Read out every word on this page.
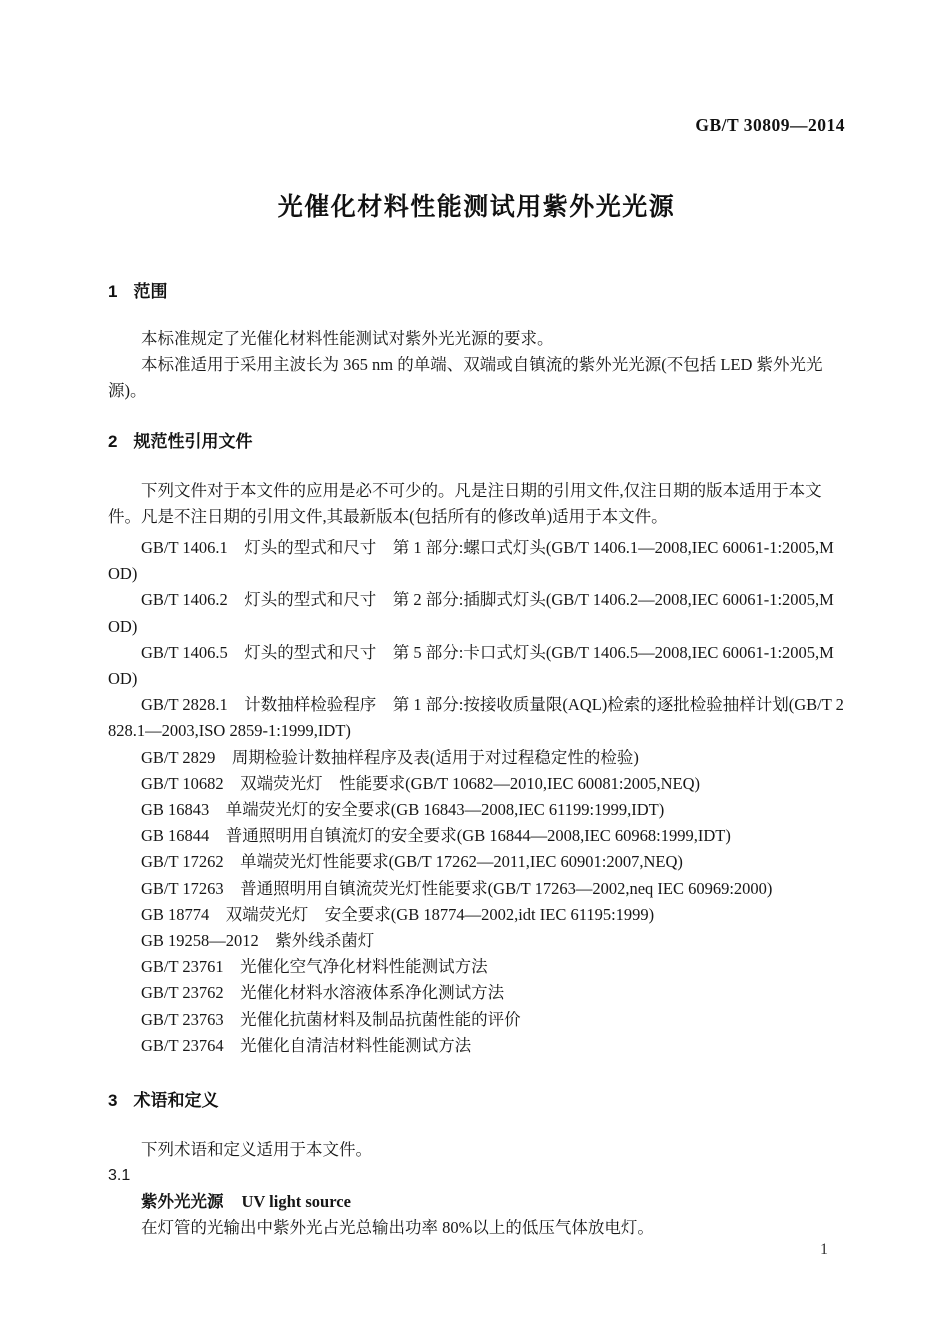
GB/T 30809—2014
光催化材料性能测试用紫外光光源
1 范围

本标准规定了光催化材料性能测试对紫外光光源的要求。

本标准适用于采用主波长为 365 nm 的单端、双端或自镇流的紫外光光源(不包括 LED 紫外光光源)。

2 规范性引用文件

下列文件对于本文件的应用是必不可少的。凡是注日期的引用文件,仅注日期的版本适用于本文件。凡是不注日期的引用文件,其最新版本(包括所有的修改单)适用于本文件。

GB/T 1406.1　灯头的型式和尺寸　第 1 部分:螺口式灯头(GB/T 1406.1—2008,IEC 60061-1:2005,MOD)

GB/T 1406.2　灯头的型式和尺寸　第 2 部分:插脚式灯头(GB/T 1406.2—2008,IEC 60061-1:2005,MOD)

GB/T 1406.5　灯头的型式和尺寸　第 5 部分:卡口式灯头(GB/T 1406.5—2008,IEC 60061-1:2005,MOD)

GB/T 2828.1　计数抽样检验程序　第 1 部分:按接收质量限(AQL)检索的逐批检验抽样计划(GB/T 2828.1—2003,ISO 2859-1:1999,IDT)

GB/T 2829　周期检验计数抽样程序及表(适用于对过程稳定性的检验)

GB/T 10682　双端荧光灯　性能要求(GB/T 10682—2010,IEC 60081:2005,NEQ)

GB 16843　单端荧光灯的安全要求(GB 16843—2008,IEC 61199:1999,IDT)

GB 16844　普通照明用自镇流灯的安全要求(GB 16844—2008,IEC 60968:1999,IDT)

GB/T 17262　单端荧光灯性能要求(GB/T 17262—2011,IEC 60901:2007,NEQ)

GB/T 17263　普通照明用自镇流荧光灯性能要求(GB/T 17263—2002,neq IEC 60969:2000)

GB 18774　双端荧光灯　安全要求(GB 18774—2002,idt IEC 61195:1999)

GB 19258—2012　紫外线杀菌灯

GB/T 23761　光催化空气净化材料性能测试方法

GB/T 23762　光催化材料水溶液体系净化测试方法

GB/T 23763　光催化抗菌材料及制品抗菌性能的评价

GB/T 23764　光催化自清洁材料性能测试方法

3 术语和定义

下列术语和定义适用于本文件。

3.1

紫外光光源 UV light source

在灯管的光输出中紫外光占光总输出功率 80%以上的低压气体放电灯。

1
